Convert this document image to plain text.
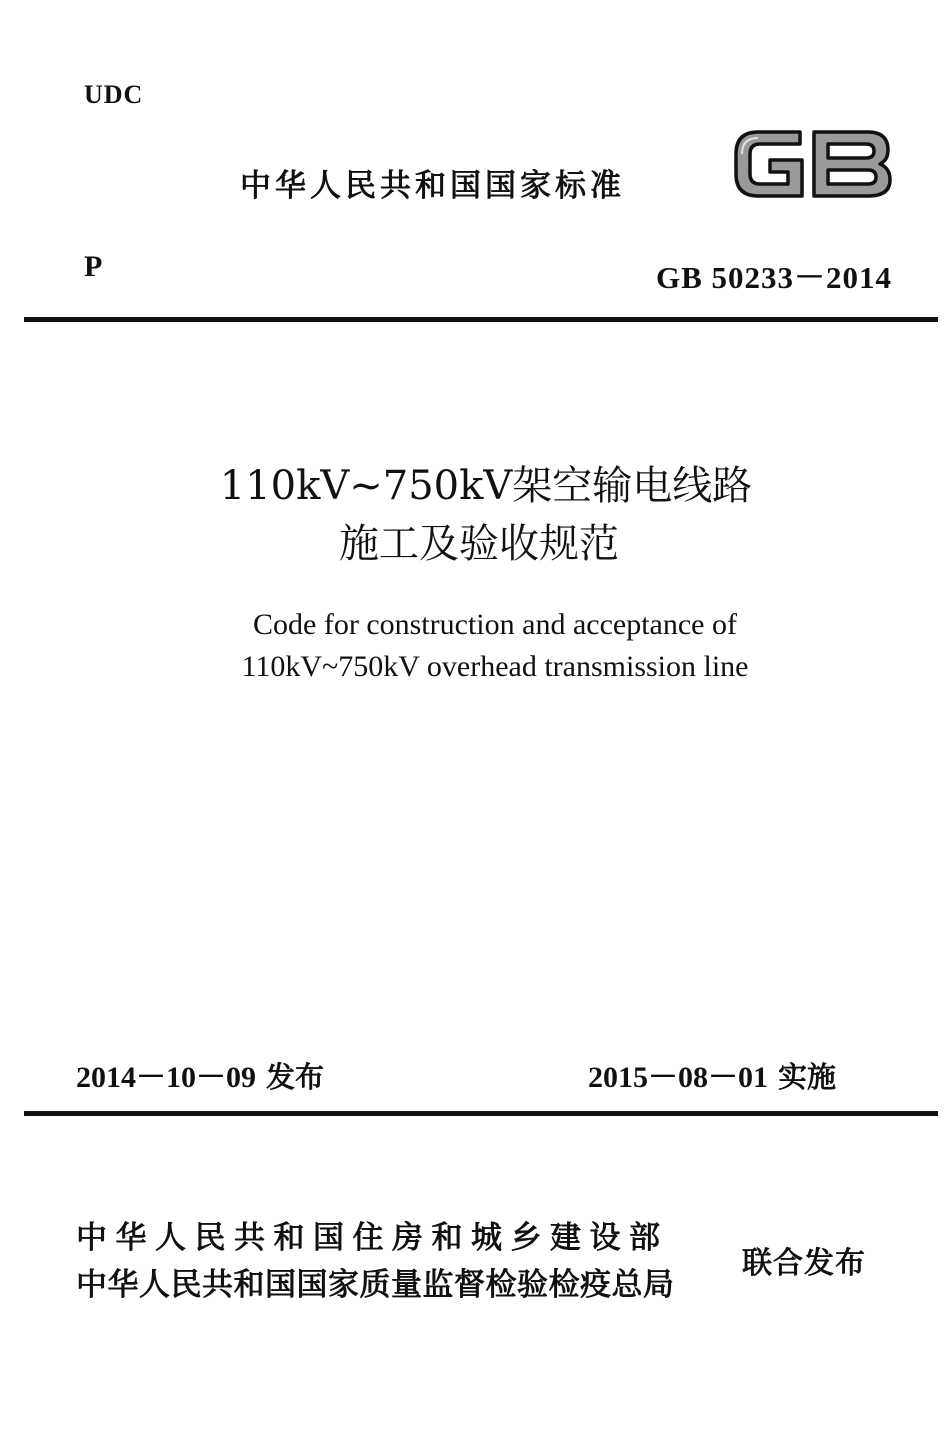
UDC
中华人民共和国国家标准
GB
P	GB 50233－2014
110kV~750kV架空输电线路
施工及验收规范
Code for construction and acceptance of
110kV~750kV overhead transmission line
2014－10－09 发布	2015－08－01 实施
中华人民共和国住房和城乡建设部
中华人民共和国国家质量监督检验检疫总局
联合发布
